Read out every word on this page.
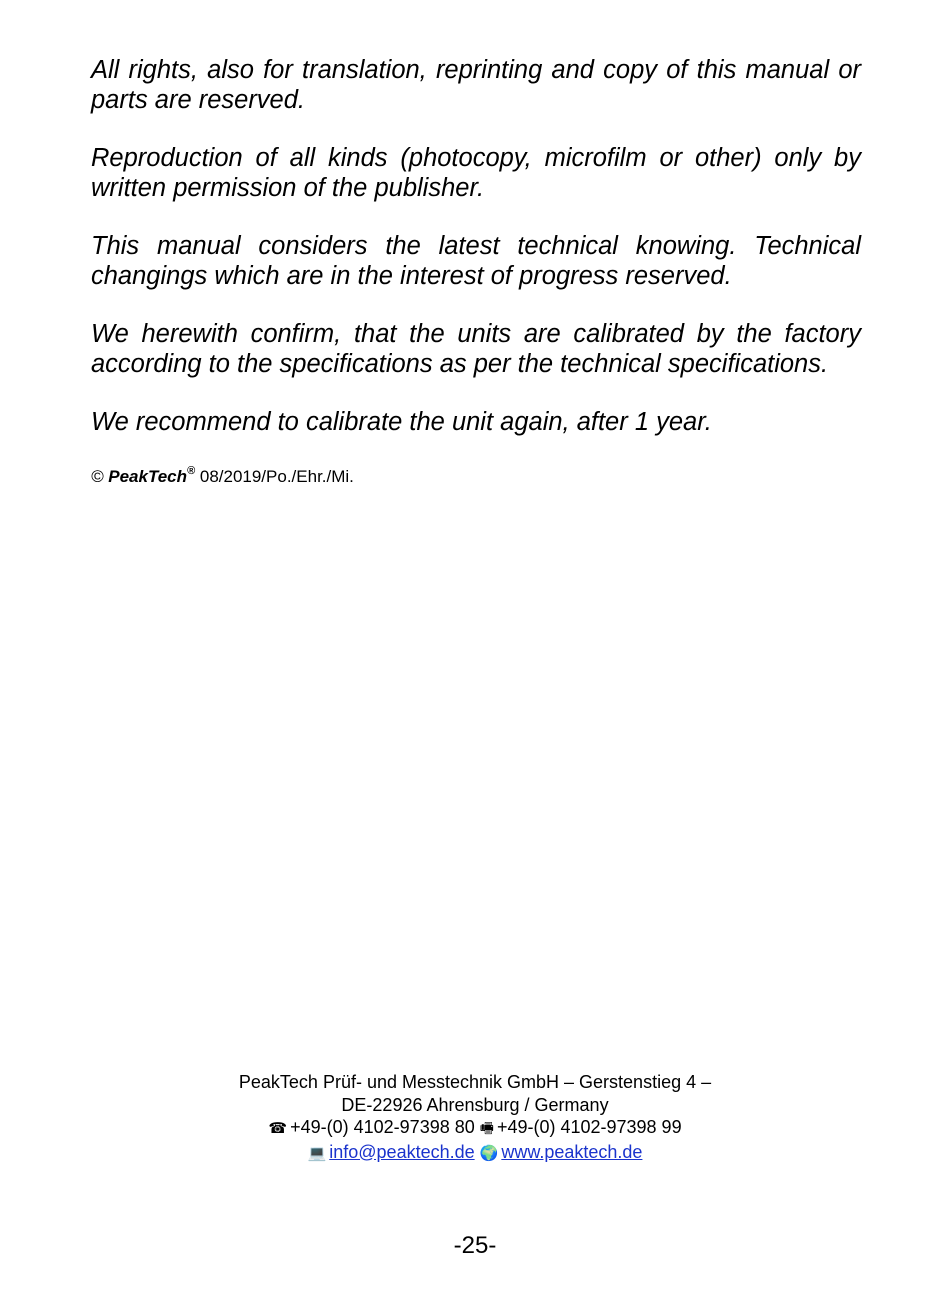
All rights, also for translation, reprinting and copy of this manual or parts are reserved.

Reproduction of all kinds (photocopy, microfilm or other) only by written permission of the publisher.

This manual considers the latest technical knowing. Technical changings which are in the interest of progress reserved.

We herewith confirm, that the units are calibrated by the factory according to the specifications as per the technical specifications.

We recommend to calibrate the unit again, after 1 year.

© PeakTech® 08/2019/Po./Ehr./Mi.

PeakTech Prüf- und Messtechnik GmbH – Gerstenstieg 4 –
DE-22926 Ahrensburg / Germany
☎ +49-(0) 4102-97398 80 🖷 +49-(0) 4102-97398 99
💻 info@peaktech.de 🌍 www.peaktech.de
-25-
